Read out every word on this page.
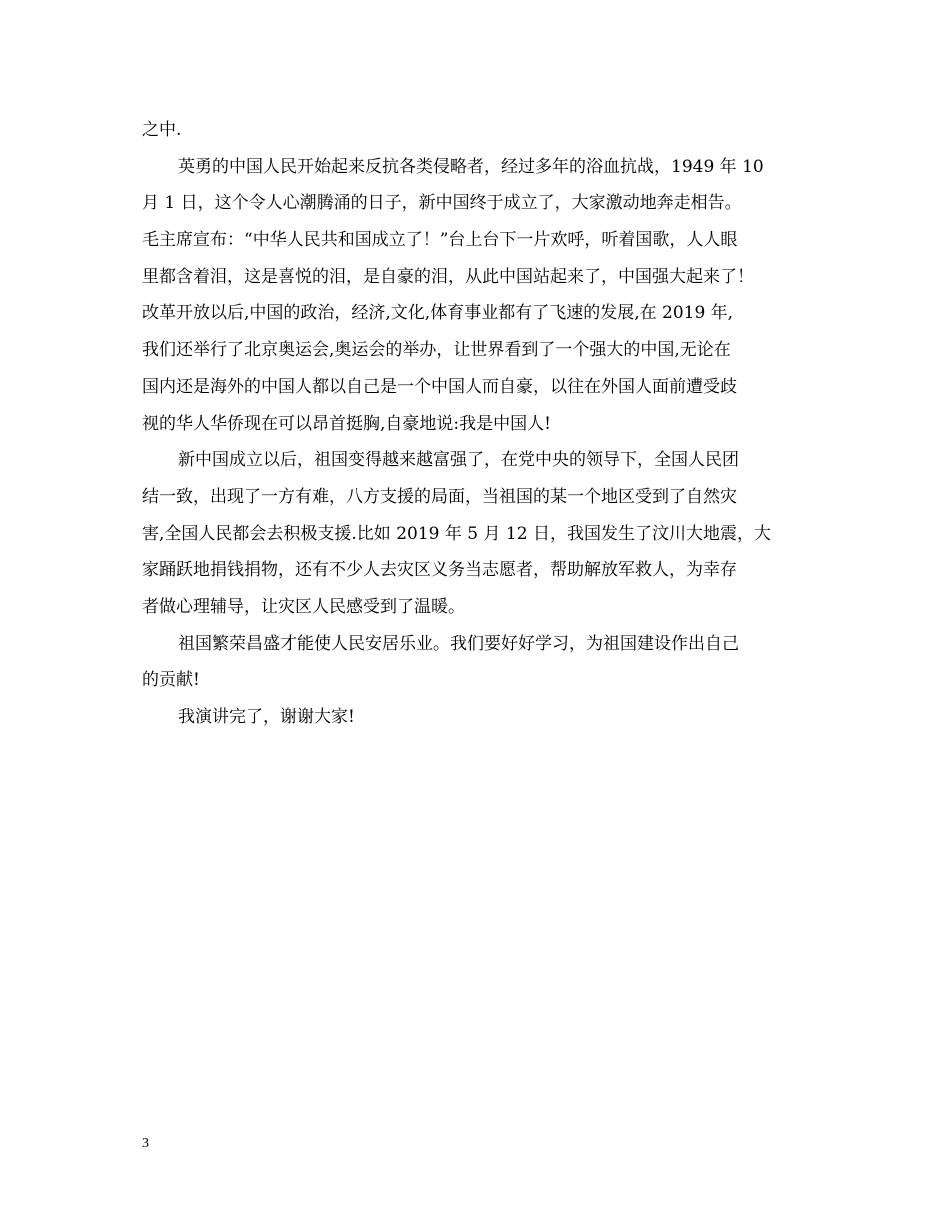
之中.
英勇的中国人民开始起来反抗各类侵略者，经过多年的浴血抗战，1949 年 10
月 1 日，这个令人心潮腾涌的日子，新中国终于成立了，大家激动地奔走相告。
毛主席宣布：“中华人民共和国成立了！”台上台下一片欢呼，听着国歌，人人眼
里都含着泪，这是喜悦的泪，是自豪的泪，从此中国站起来了，中国强大起来了！
改革开放以后,中国的政治，经济,文化,体育事业都有了飞速的发展,在 2019 年,
我们还举行了北京奥运会,奥运会的举办，让世界看到了一个强大的中国,无论在
国内还是海外的中国人都以自己是一个中国人而自豪，以往在外国人面前遭受歧
视的华人华侨现在可以昂首挺胸,自豪地说:我是中国人!
新中国成立以后，祖国变得越来越富强了，在党中央的领导下，全国人民团
结一致，出现了一方有难，八方支援的局面，当祖国的某一个地区受到了自然灾
害,全国人民都会去积极支援.比如 2019 年 5 月 12 日，我国发生了汶川大地震，大
家踊跃地捐钱捐物，还有不少人去灾区义务当志愿者，帮助解放军救人，为幸存
者做心理辅导，让灾区人民感受到了温暖。
祖国繁荣昌盛才能使人民安居乐业。我们要好好学习，为祖国建设作出自己
的贡献!
我演讲完了，谢谢大家!
3
